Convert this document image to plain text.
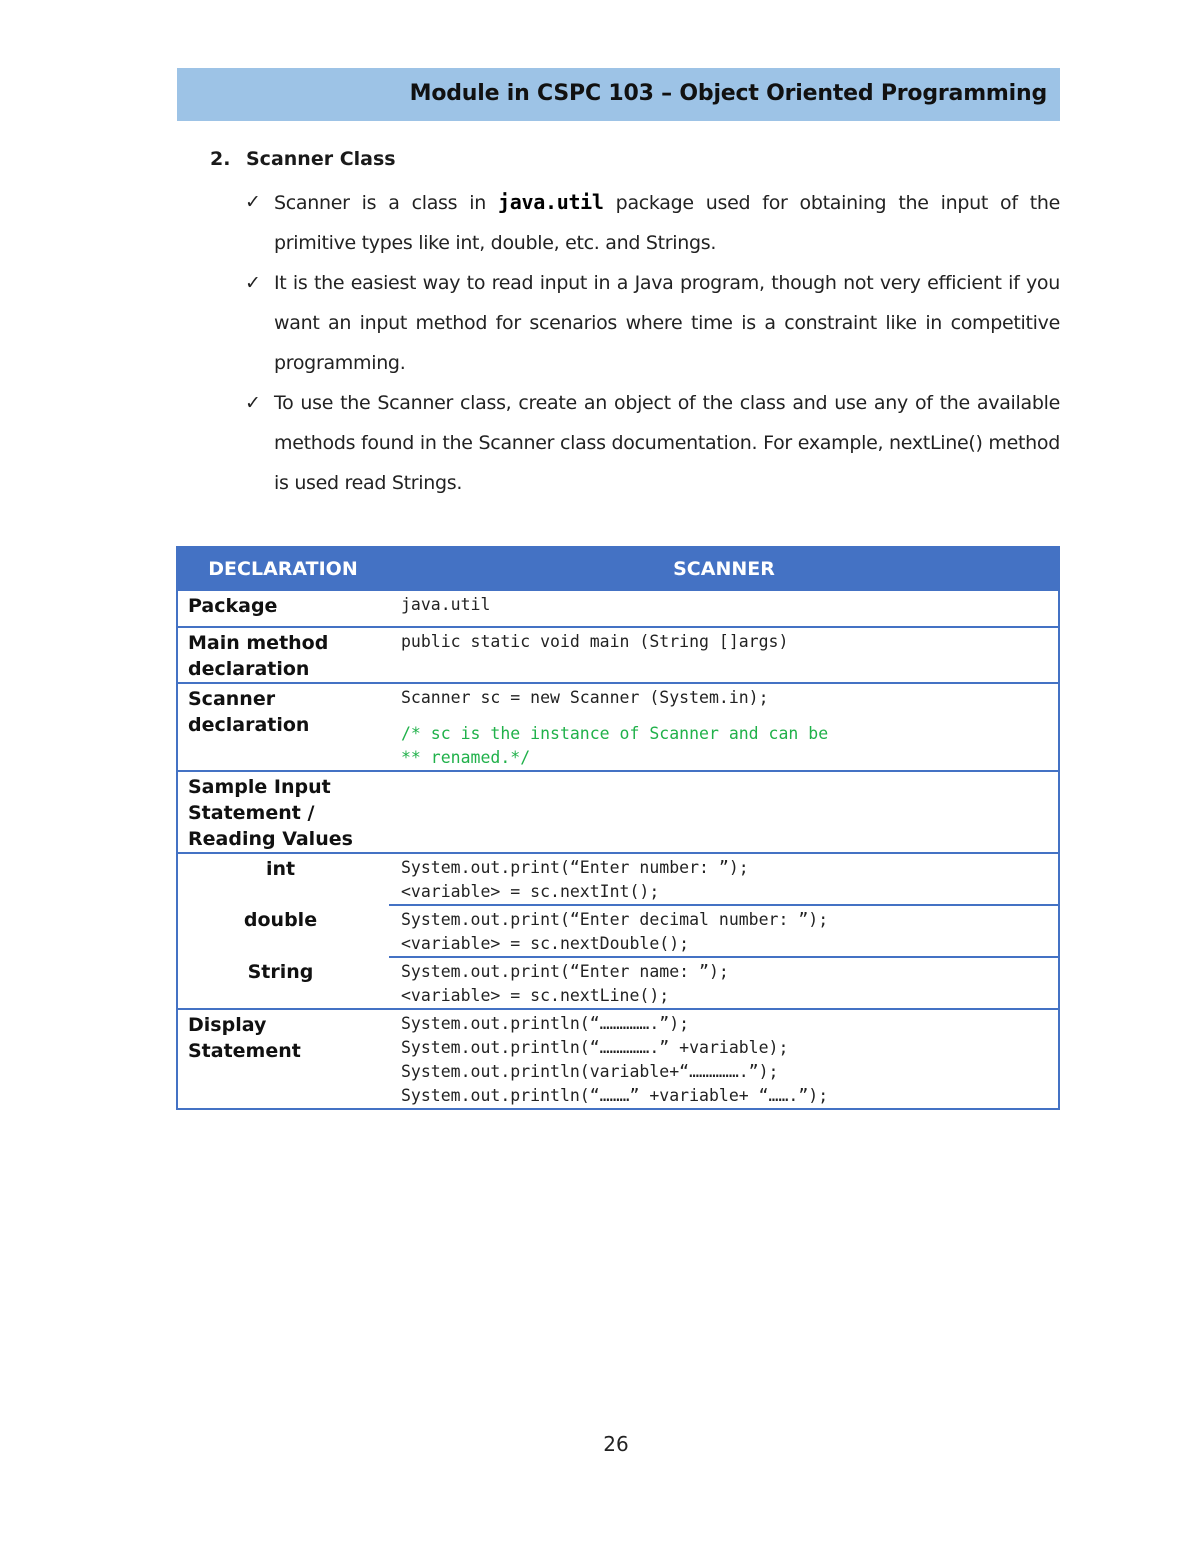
Module in CSPC 103 – Object Oriented Programming
2. Scanner Class
✓ Scanner is a class in java.util package used for obtaining the input of the primitive types like int, double, etc. and Strings.
✓ It is the easiest way to read input in a Java program, though not very efficient if you want an input method for scenarios where time is a constraint like in competitive programming.
✓ To use the Scanner class, create an object of the class and use any of the available methods found in the Scanner class documentation. For example, nextLine() method is used read Strings.
DECLARATION	SCANNER
Package	java.util
Main method declaration	public static void main (String []args)
Scanner declaration	Scanner sc = new Scanner (System.in);
/* sc is the instance of Scanner and can be
** renamed.*/

Sample Input Statement / Reading Values	
int	System.out.print(“Enter number: ”);
<variable> = sc.nextInt();

double	System.out.print(“Enter decimal number: ”);
<variable> = sc.nextDouble();

String	System.out.print(“Enter name: ”);
<variable> = sc.nextLine();

Display Statement	System.out.println(“…………….”);
System.out.println(“…………….” +variable);
System.out.println(variable+“…………….”);
System.out.println(“………” +variable+ “…….”);
26
